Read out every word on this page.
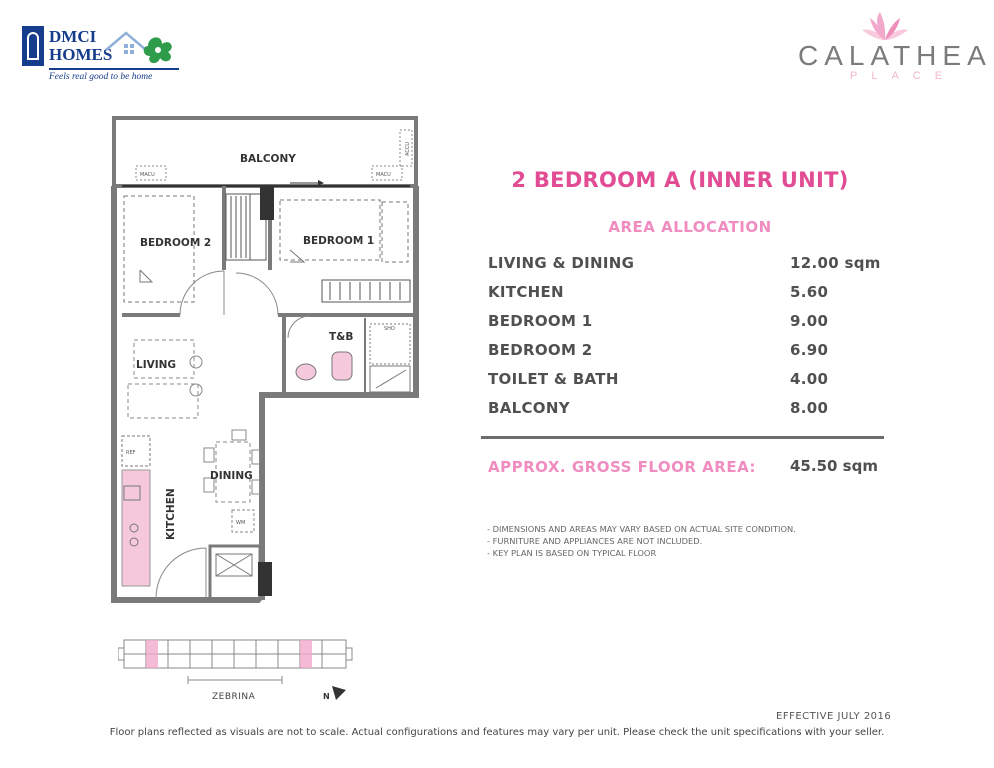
DMCI
HOMES
Feels real good to be home
CALATHEA
PLACE
BALCONY
BEDROOM 2	BEDROOM 1
LIVING
T&B
DINING
KITCHEN
MACU	MACU
ACCU
REF
WM
SHO
ZEBRINA	N
2 BEDROOM A (INNER UNIT)
AREA ALLOCATION
LIVING & DINING	12.00 sqm
KITCHEN	5.60
BEDROOM 1	9.00
BEDROOM 2	6.90
TOILET & BATH	4.00
BALCONY	8.00
APPROX. GROSS FLOOR AREA: 45.50 sqm
- DIMENSIONS AND AREAS MAY VARY BASED ON ACTUAL SITE CONDITION.
- FURNITURE AND APPLIANCES ARE NOT INCLUDED.
- KEY PLAN IS BASED ON TYPICAL FLOOR
EFFECTIVE JULY 2016
Floor plans reflected as visuals are not to scale. Actual configurations and features may vary per unit. Please check the unit specifications with your seller.
